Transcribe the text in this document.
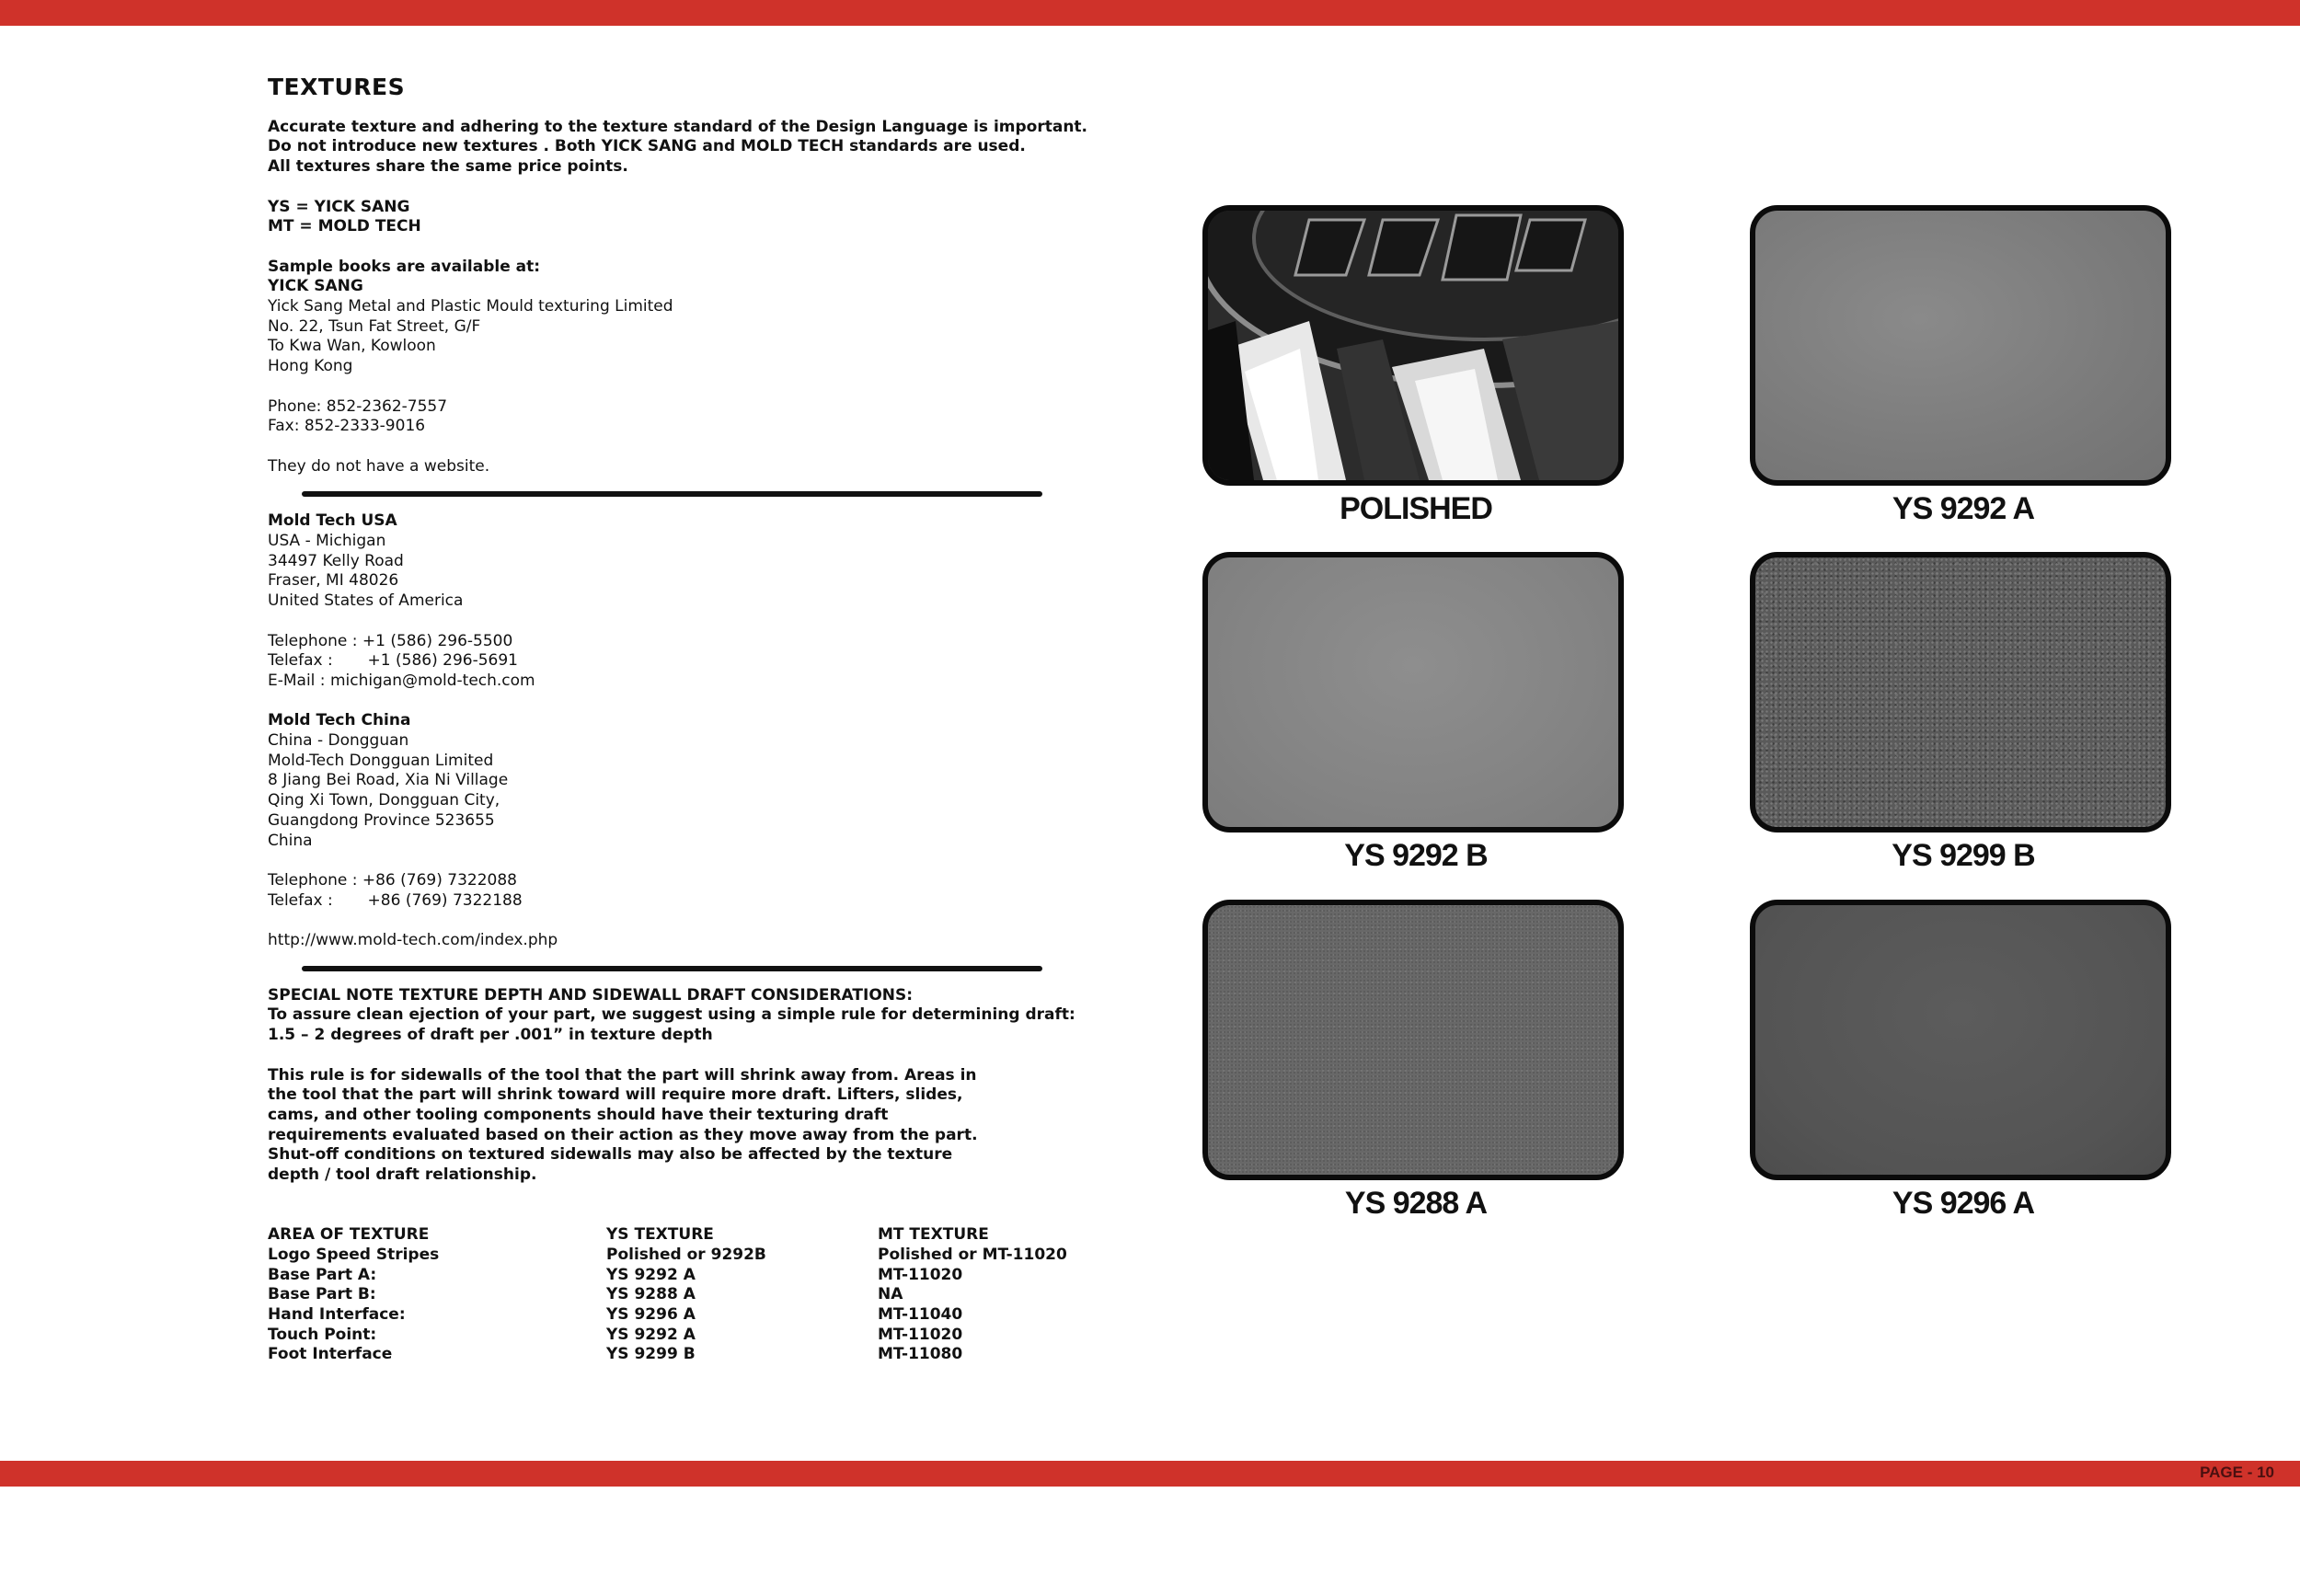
TEXTURES
Accurate texture and adhering to the texture standard of the Design Language is important.
Do not introduce new textures . Both YICK SANG and MOLD TECH standards are used.
All textures share the same price points.
YS = YICK SANG
MT = MOLD TECH
Sample books are available at:
YICK SANG
Yick Sang Metal and Plastic Mould texturing Limited
No. 22, Tsun Fat Street, G/F
To Kwa Wan, Kowloon
Hong Kong
Phone: 852-2362-7557
Fax: 852-2333-9016
They do not have a website.
Mold Tech USA
USA - Michigan
34497 Kelly Road
Fraser, MI 48026
United States of America
Telephone : +1 (586) 296-5500
Telefax :       +1 (586) 296-5691
E-Mail : michigan@mold-tech.com
Mold Tech China
China - Dongguan
Mold-Tech Dongguan Limited
8 Jiang Bei Road, Xia Ni Village
Qing Xi Town, Dongguan City,
Guangdong Province 523655
China
Telephone : +86 (769) 7322088
Telefax :       +86 (769) 7322188
http://www.mold-tech.com/index.php
SPECIAL NOTE TEXTURE DEPTH AND SIDEWALL DRAFT CONSIDERATIONS:
To assure clean ejection of your part, we suggest using a simple rule for determining draft:
1.5 – 2 degrees of draft per .001” in texture depth
This rule is for sidewalls of the tool that the part will shrink away from. Areas in
the tool that the part will shrink toward will require more draft. Lifters, slides,
cams, and other tooling components should have their texturing draft
requirements evaluated based on their action as they move away from the part.
Shut-off conditions on textured sidewalls may also be affected by the texture
depth / tool draft relationship.
AREA OF TEXTURE	YS TEXTURE	MT TEXTURE
Logo Speed Stripes	Polished or 9292B	Polished or MT-11020
Base Part A:	YS 9292 A	MT-11020
Base Part B:	YS 9288 A	NA
Hand Interface:	YS 9296 A	MT-11040
Touch Point:	YS 9292 A	MT-11020
Foot Interface	YS 9299 B	MT-11080
POLISHED	YS 9292 A
YS 9292 B	YS 9299 B
YS 9288 A	YS 9296 A
PAGE - 10
